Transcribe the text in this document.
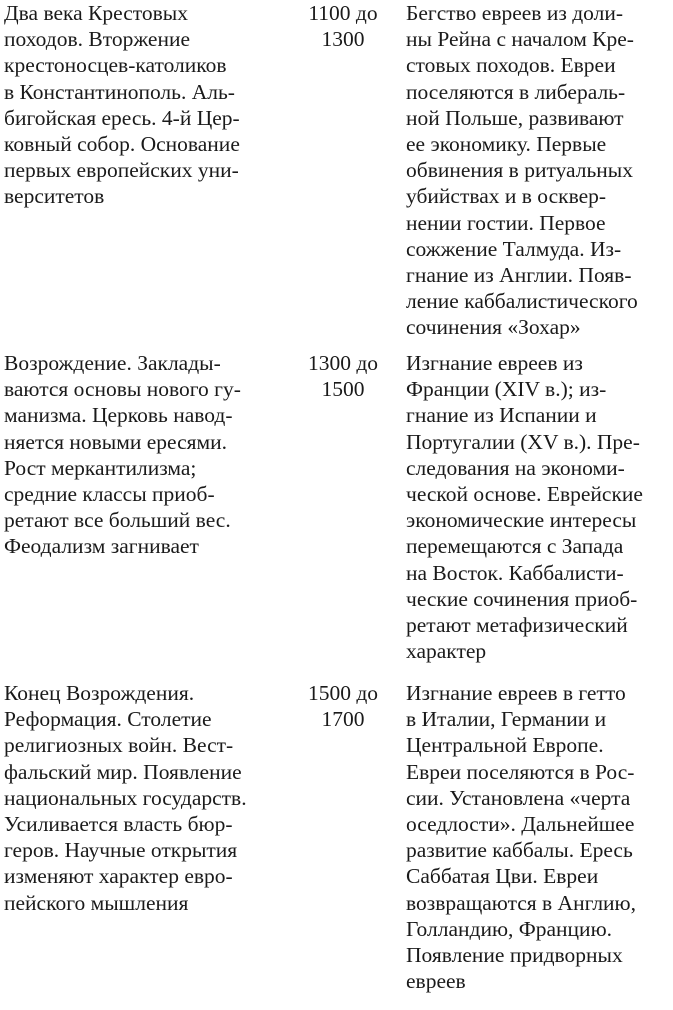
Два века Крестовых
походов. Вторжение
крестоносцев-католиков
в Константинополь. Аль-
бигойская ересь. 4-й Цер-
ковный собор. Основание
первых европейских уни-
верситетов
1100 до
1300
Бегство евреев из доли-
ны Рейна с началом Кре-
стовых походов. Евреи
поселяются в либераль-
ной Польше, развивают
ее экономику. Первые
обвинения в ритуальных
убийствах и в осквер-
нении гостии. Первое
сожжение Талмуда. Из-
гнание из Англии. Появ-
ление каббалистического
сочинения «Зохар»
Возрождение. Заклады-
ваются основы нового гу-
манизма. Церковь навод-
няется новыми ересями.
Рост меркантилизма;
средние классы приоб-
ретают все больший вес.
Феодализм загнивает
1300 до
1500
Изгнание евреев из
Франции (XIV в.); из-
гнание из Испании и
Португалии (XV в.). Пре-
следования на экономи-
ческой основе. Еврейские
экономические интересы
перемещаются с Запада
на Восток. Каббалисти-
ческие сочинения приоб-
ретают метафизический
характер
Конец Возрождения.
Реформация. Столетие
религиозных войн. Вест-
фальский мир. Появление
национальных государств.
Усиливается власть бюр-
геров. Научные открытия
изменяют характер евро-
пейского мышления
1500 до
1700
Изгнание евреев в гетто
в Италии, Германии и
Центральной Европе.
Евреи поселяются в Рос-
сии. Установлена «черта
оседлости». Дальнейшее
развитие каббалы. Ересь
Саббатая Цви. Евреи
возвращаются в Англию,
Голландию, Францию.
Появление придворных
евреев
